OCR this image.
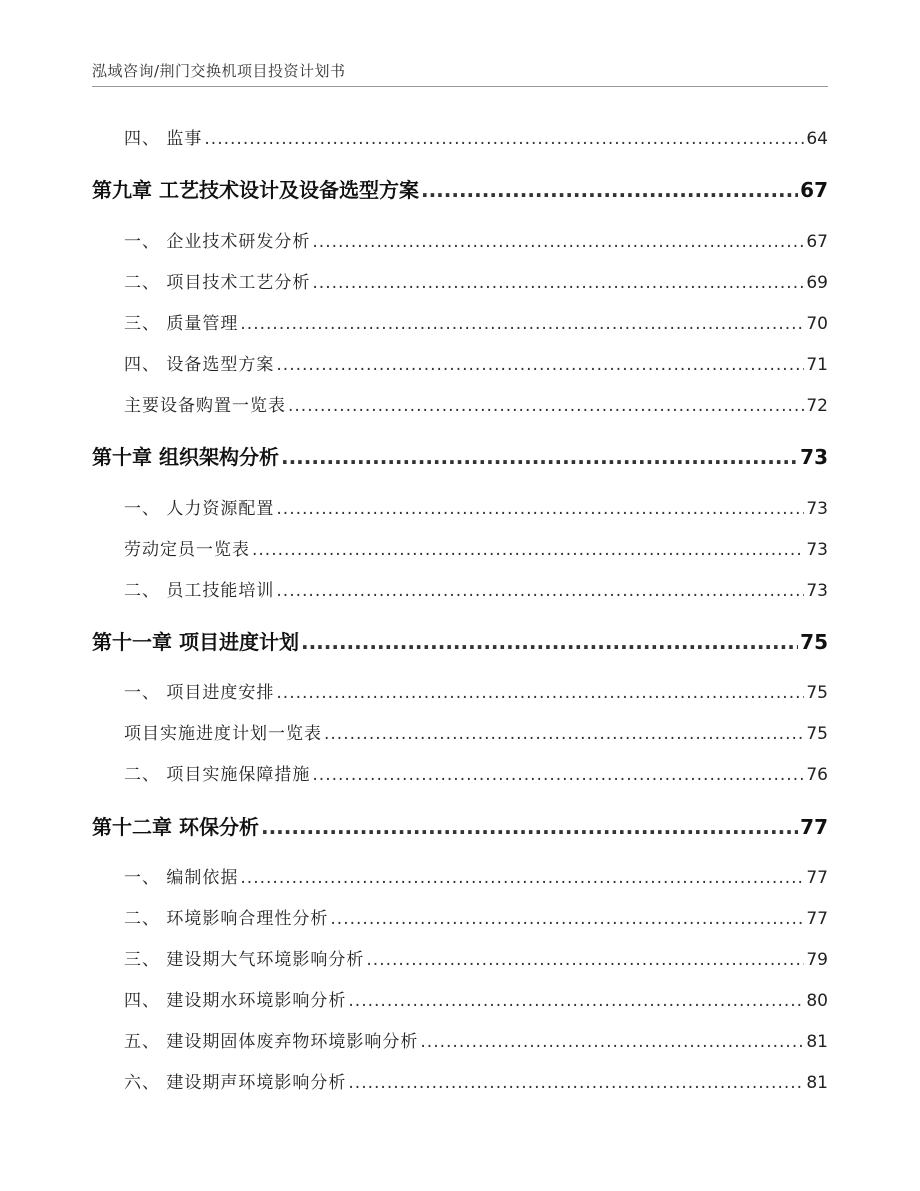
泓域咨询/荆门交换机项目投资计划书
四、 监事 .....	64
第九章 工艺技术设计及设备选型方案 .....	67
一、 企业技术研发分析 .....	67
二、 项目技术工艺分析 .....	69
三、 质量管理 .....	70
四、 设备选型方案 .....	71
主要设备购置一览表 .....	72
第十章 组织架构分析 .....	73
一、 人力资源配置 .....	73
劳动定员一览表 .....	73
二、 员工技能培训 .....	73
第十一章 项目进度计划 .....	75
一、 项目进度安排 .....	75
项目实施进度计划一览表 .....	75
二、 项目实施保障措施 .....	76
第十二章 环保分析 .....	77
一、 编制依据 .....	77
二、 环境影响合理性分析 .....	77
三、 建设期大气环境影响分析 .....	79
四、 建设期水环境影响分析 .....	80
五、 建设期固体废弃物环境影响分析 .....	81
六、 建设期声环境影响分析 .....	81
